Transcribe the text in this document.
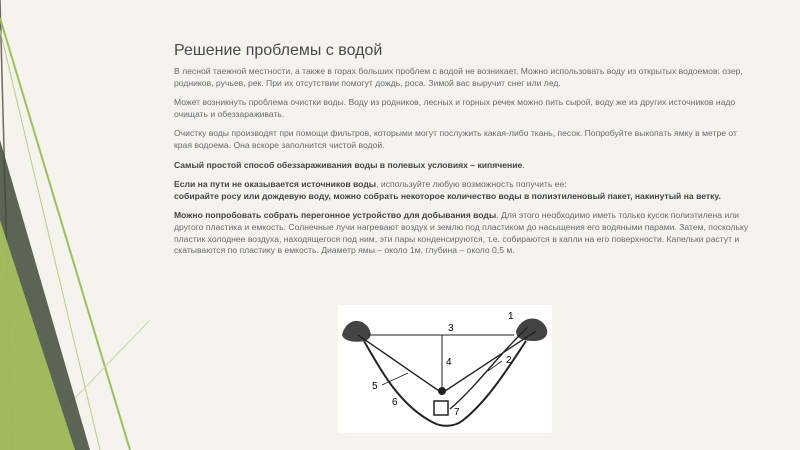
Решение проблемы с водой

В лесной таежной местности, а также в горах больших проблем с водой не возникает. Можно использовать воду из открытых водоемов: озер, родников, ручьев, рек. При их отсутствии помогут дождь, роса. Зимой вас выручит снег или лед.

Может возникнуть проблема очистки воды. Воду из родников, лесных и горных речек можно пить сырой, воду же из других источников надо очищать и обеззараживать.

Очистку воды производят при помощи фильтров, которыми могут послужить какая-либо ткань, песок. Попробуйте выкопать ямку в метре от края водоема. Она вскоре заполнится чистой водой.

Самый простой способ обеззараживания воды в полевых условиях – кипячение.

Если на пути не оказывается источников воды, используйте любую возможность получить ее:
собирайте росу или дождевую воду, можно собрать некоторое количество воды в полиэтиленовый пакет, накинутый на ветку.

Можно попробовать собрать перегонное устройство для добывания воды. Для этого необходимо иметь только кусок полиэтилена или другого пластика и емкость. Солнечные лучи нагревают воздух и землю под пластиком до насыщения его водяными парами. Затем, поскольку пластик холоднее воздуха, находящегося под ним, эти пары конденсируются, т.е. собираются в капли на его поверхности. Капельки растут и скатываются по пластику в емкость. Диаметр ямы – около 1м, глубина – около 0,5 м.

1
2
3
4
5
6
7
